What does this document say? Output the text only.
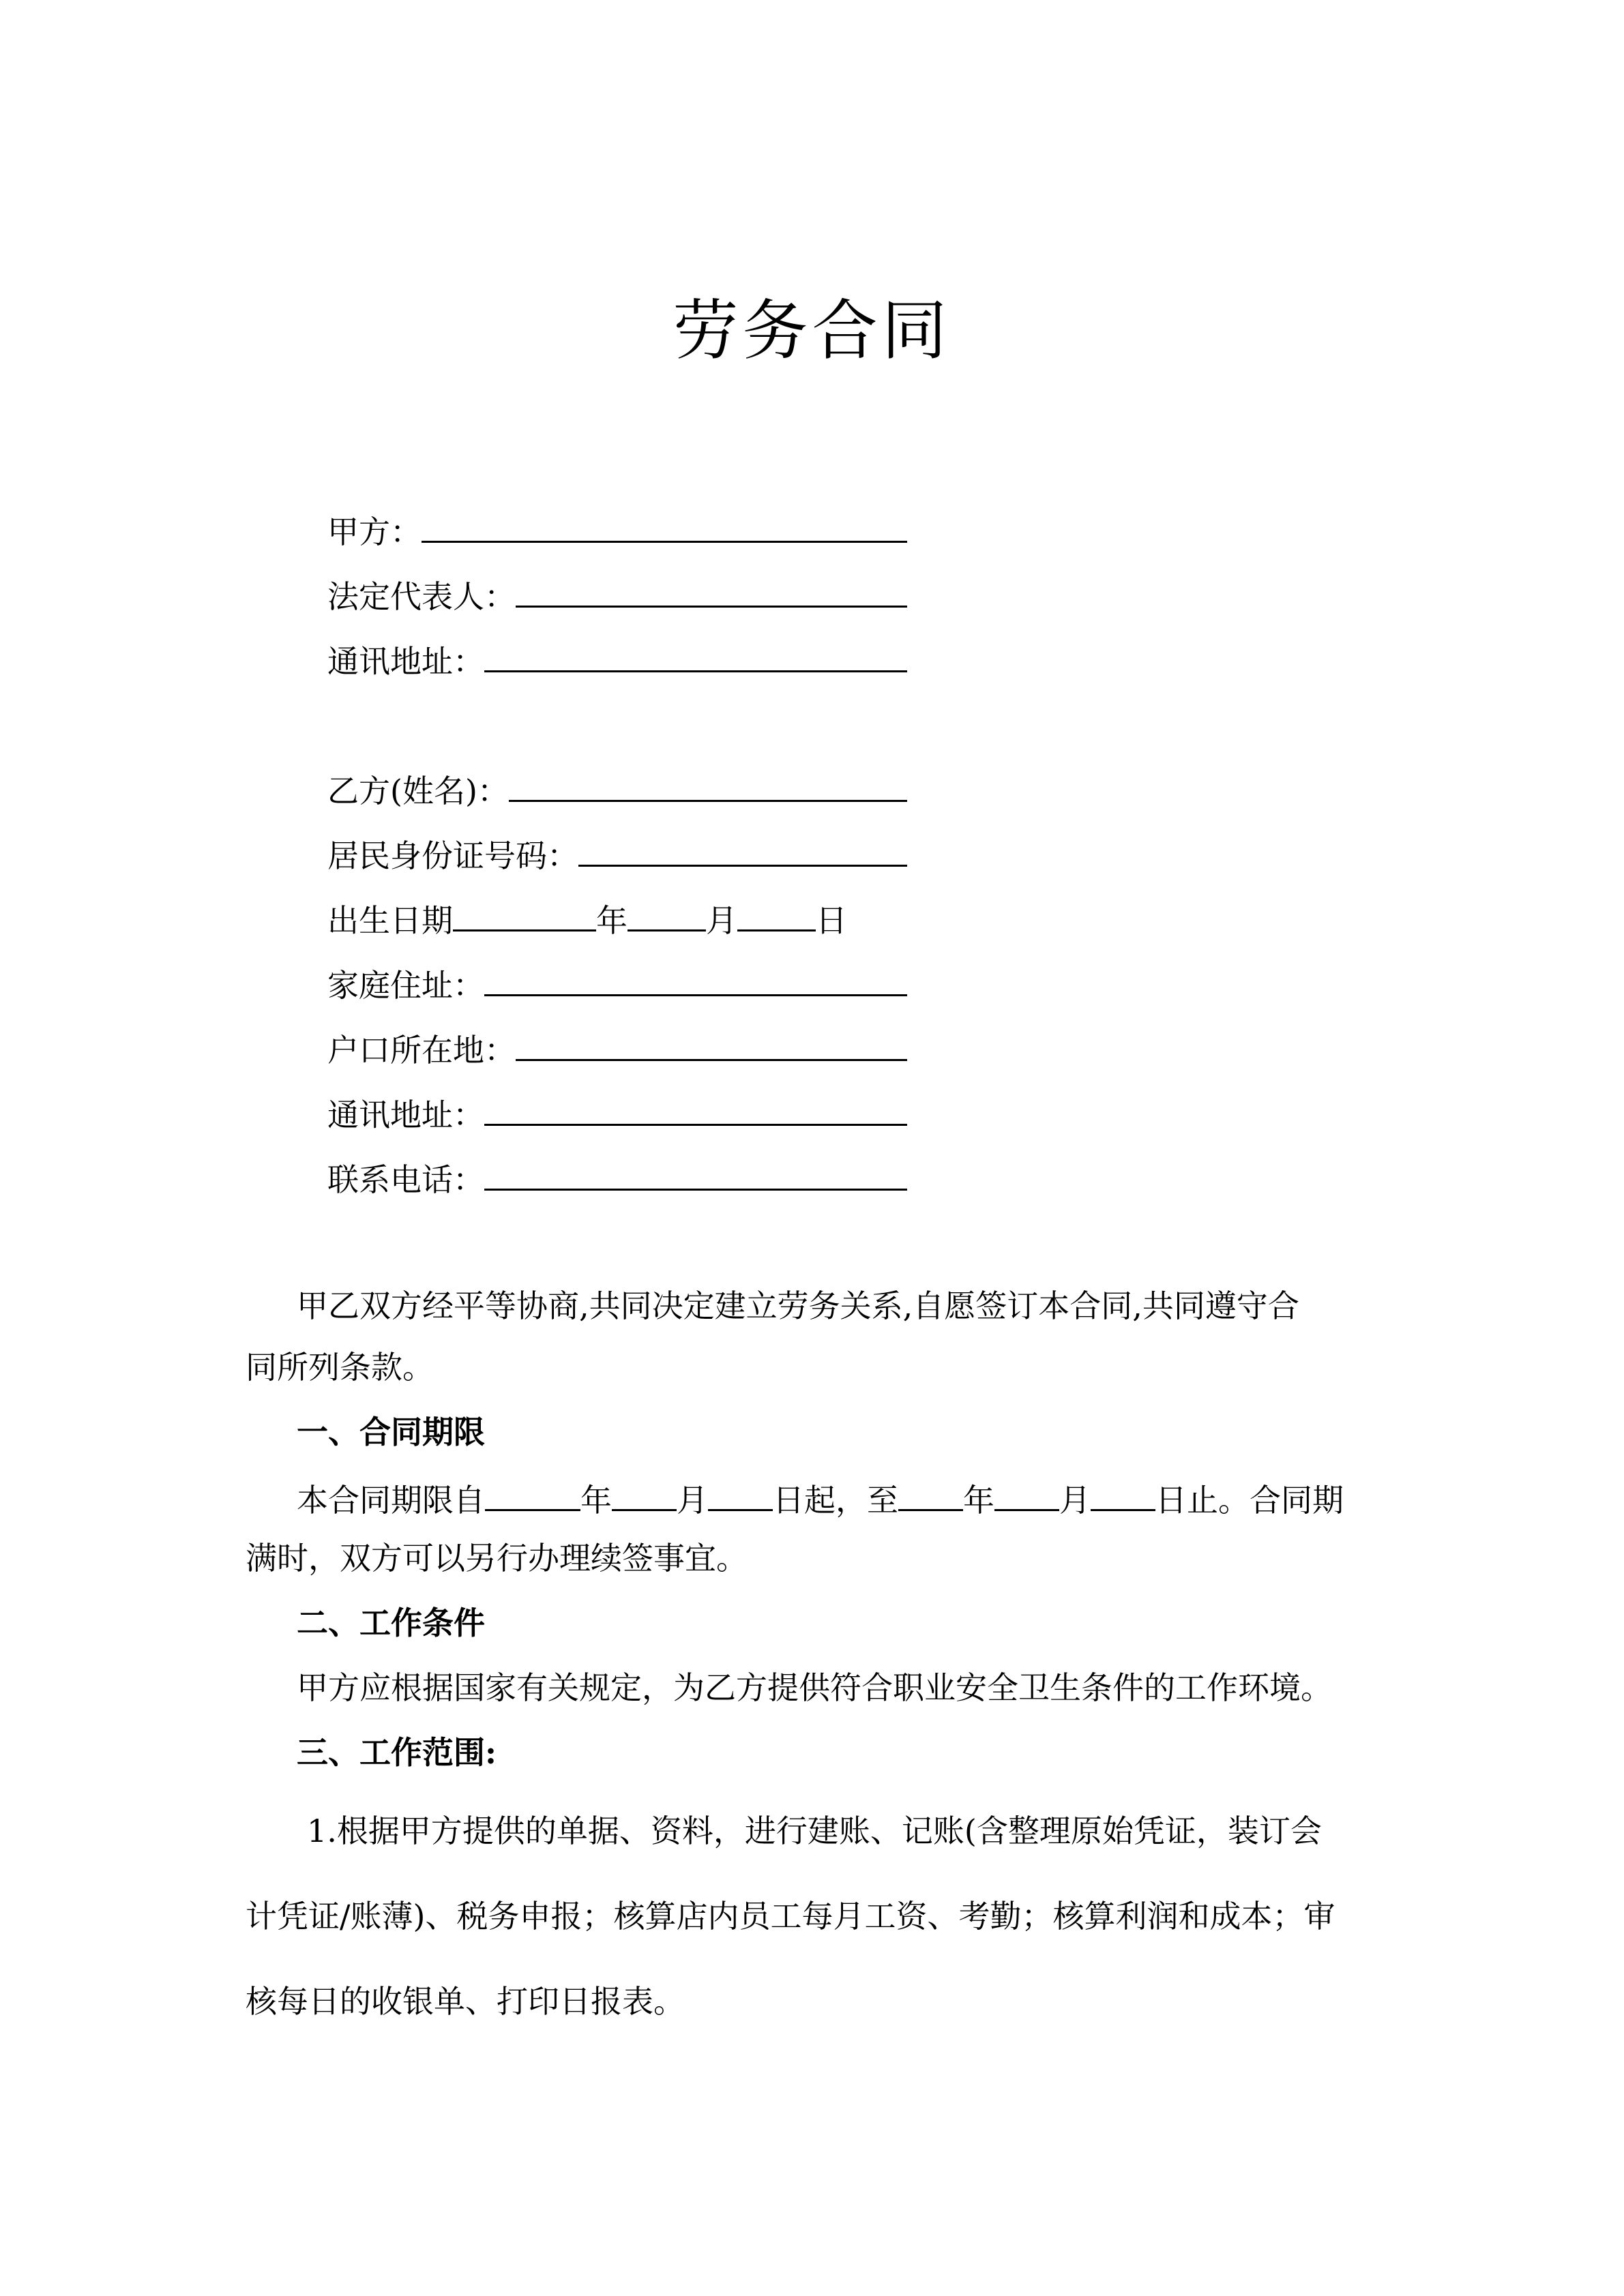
劳务合同
甲方：
法定代表人：
通讯地址：
乙方(姓名)：
居民身份证号码：
出生日期	年	月	日
家庭住址：
户口所在地：
通讯地址：
联系电话：
甲乙双方经平等协商,共同决定建立劳务关系,自愿签订本合同,共同遵守合
同所列条款。
一、合同期限
本合同期限自	年 月 日起，至 年 月 日止。合同期
满时，双方可以另行办理续签事宜。
二、工作条件
甲方应根据国家有关规定，为乙方提供符合职业安全卫生条件的工作环境。
三、工作范围:
1.根据甲方提供的单据、资料，进行建账、记账(含整理原始凭证，装订会
计凭证/账薄)、税务申报；核算店内员工每月工资、考勤；核算利润和成本；审
核每日的收银单、打印日报表。
